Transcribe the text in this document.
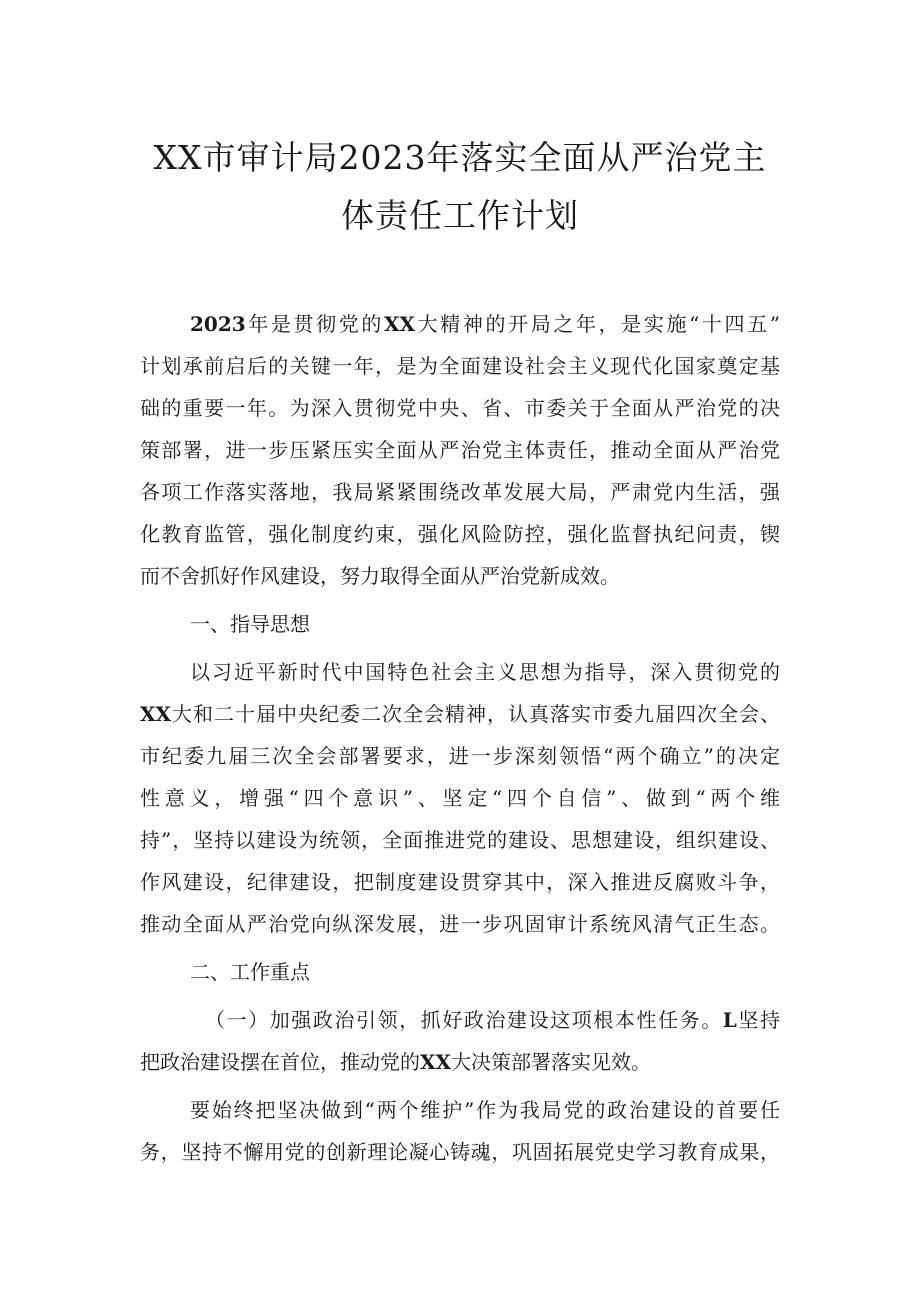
XX市审计局2023年落实全面从严治党主
体责任工作计划
2023年是贯彻党的XX大精神的开局之年，是实施“十四五”
计划承前启后的关键一年，是为全面建设社会主义现代化国家奠定基
础的重要一年。为深入贯彻党中央、省、市委关于全面从严治党的决
策部署，进一步压紧压实全面从严治党主体责任，推动全面从严治党
各项工作落实落地，我局紧紧围绕改革发展大局，严肃党内生活，强
化教育监管，强化制度约束，强化风险防控，强化监督执纪问责，锲
而不舍抓好作风建设，努力取得全面从严治党新成效。
一、指导思想
以习近平新时代中国特色社会主义思想为指导，深入贯彻党的
XX大和二十届中央纪委二次全会精神，认真落实市委九届四次全会、
市纪委九届三次全会部署要求，进一步深刻领悟“两个确立”的决定
性意义，增强“四个意识”、坚定“四个自信”、做到“两个维
持”，坚持以建设为统领，全面推进党的建设、思想建设，组织建设、
作风建设，纪律建设，把制度建设贯穿其中，深入推进反腐败斗争，
推动全面从严治党向纵深发展，进一步巩固审计系统风清气正生态。
二、工作重点
（一）加强政治引领，抓好政治建设这项根本性任务。L坚持
把政治建设摆在首位，推动党的XX大决策部署落实见效。
要始终把坚决做到“两个维护”作为我局党的政治建设的首要任
务，坚持不懈用党的创新理论凝心铸魂，巩固拓展党史学习教育成果，
